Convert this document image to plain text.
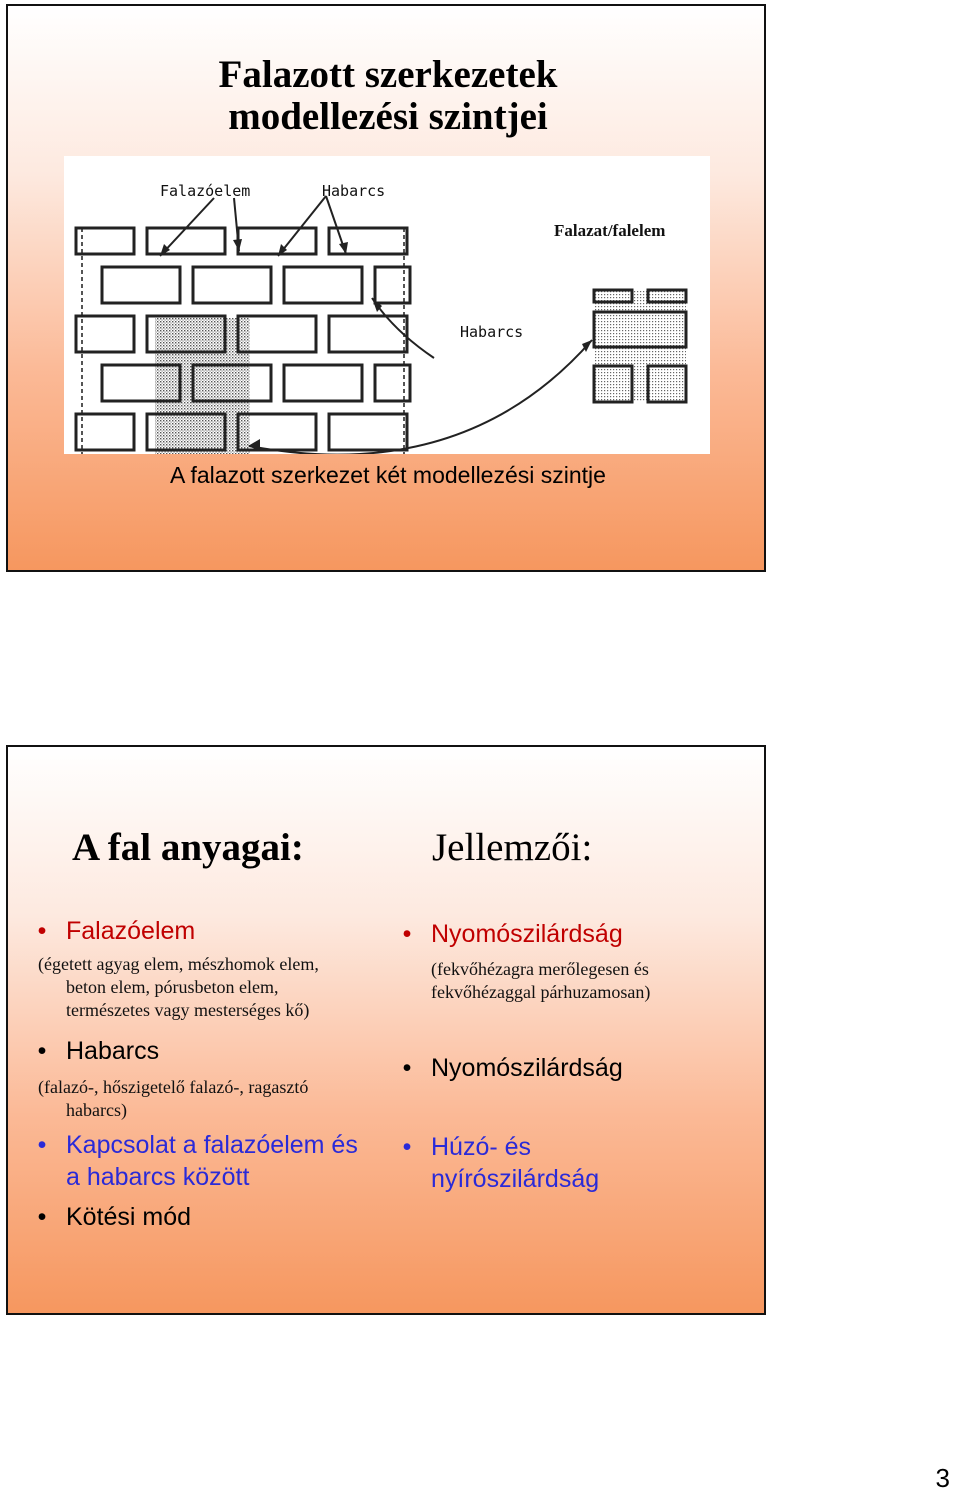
Falazott szerkezetek
modellezési szintjei
Falazóelem	Habarcs
Falazat/falelem
Habarcs
A falazott szerkezet két modellezési szintje
A fal anyagai:	Jellemzői:
• Falazóelem
(égetett agyag elem, mészhomok elem,
beton elem, pórusbeton elem,
természetes vagy mesterséges kő)
• Habarcs
(falazó-, hőszigetelő falazó-, ragasztó
habarcs)
• Kapcsolat a falazóelem és
a habarcs között
• Kötési mód
• Nyomószilárdság
(fekvőhézagra merőlegesen és
fekvőhézaggal párhuzamosan)
• Nyomószilárdság
• Húzó- és
nyírószilárdság
3
